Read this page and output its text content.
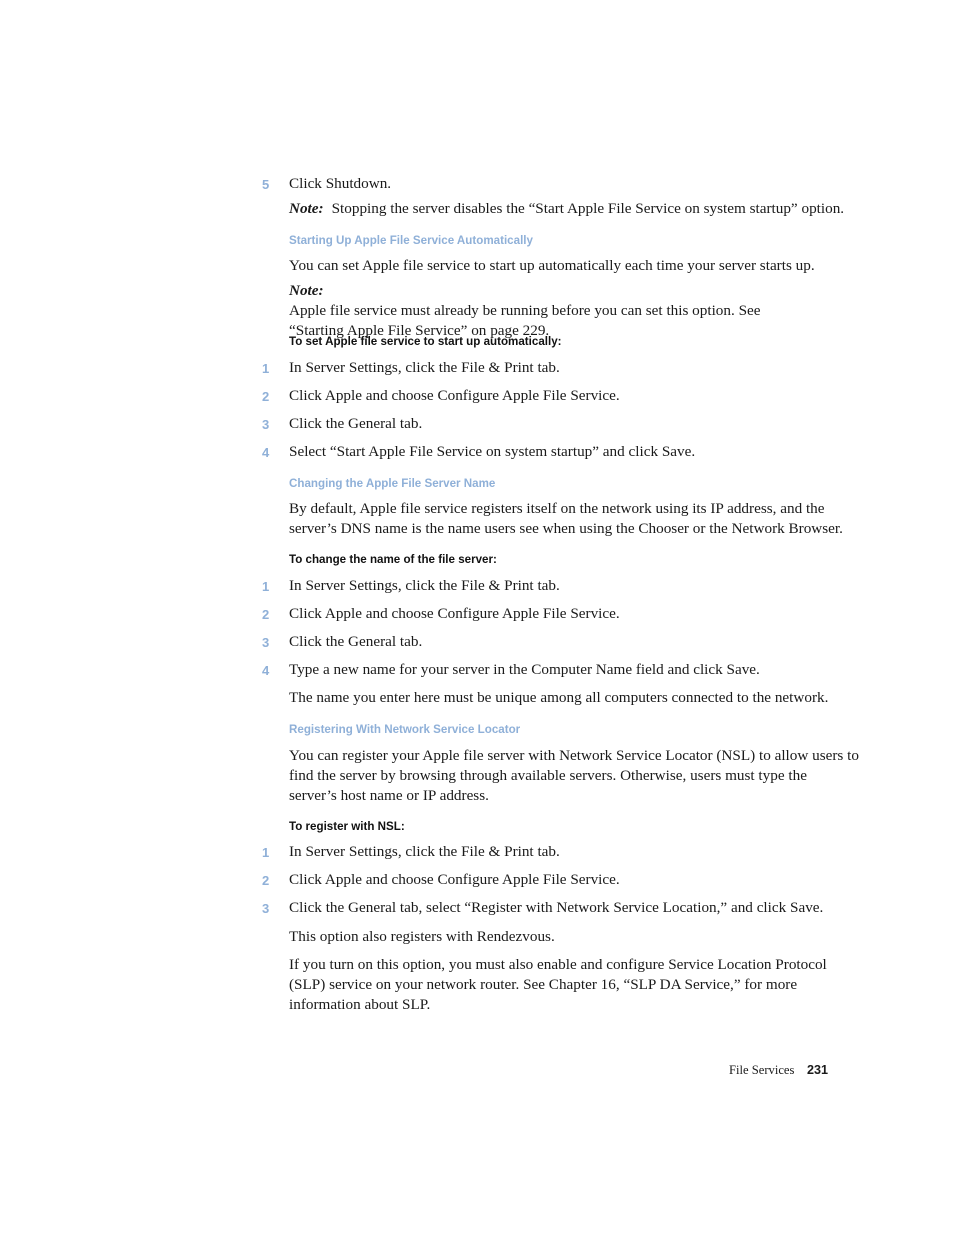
5	Click Shutdown.
Note: Stopping the server disables the “Start Apple File Service on system startup” option.
Starting Up Apple File Service Automatically
You can set Apple file service to start up automatically each time your server starts up.
Note:
Apple file service must already be running before you can set this option. See
“Starting Apple File Service” on page 229.
To set Apple file service to start up automatically:
1	In Server Settings, click the File & Print tab.
2	Click Apple and choose Configure Apple File Service.
3	Click the General tab.
4	Select “Start Apple File Service on system startup” and click Save.
Changing the Apple File Server Name
By default, Apple file service registers itself on the network using its IP address, and the
server’s DNS name is the name users see when using the Chooser or the Network Browser.
To change the name of the file server:
1	In Server Settings, click the File & Print tab.
2	Click Apple and choose Configure Apple File Service.
3	Click the General tab.
4	Type a new name for your server in the Computer Name field and click Save.
The name you enter here must be unique among all computers connected to the network.
Registering With Network Service Locator
You can register your Apple file server with Network Service Locator (NSL) to allow users to
find the server by browsing through available servers. Otherwise, users must type the
server’s host name or IP address.
To register with NSL:
1	In Server Settings, click the File & Print tab.
2	Click Apple and choose Configure Apple File Service.
3	Click the General tab, select “Register with Network Service Location,” and click Save.
This option also registers with Rendezvous.
If you turn on this option, you must also enable and configure Service Location Protocol
(SLP) service on your network router. See Chapter 16, “SLP DA Service,” for more
information about SLP.
File Services 231
